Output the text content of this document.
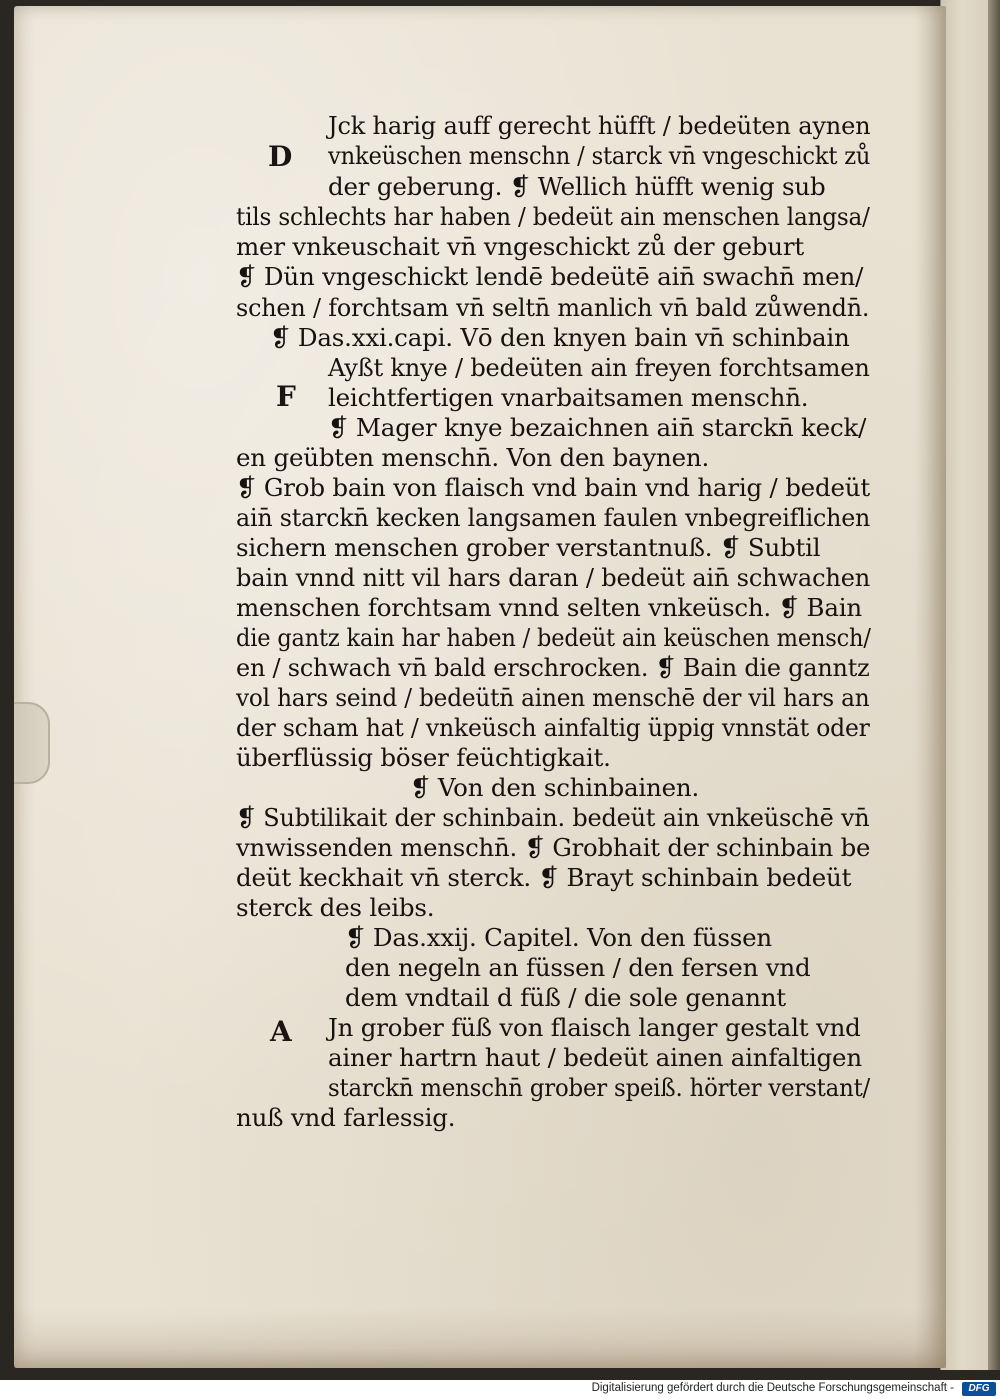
D
F
A
Jck harig auff gerecht hüfft / bedeüten aynen
vnkeüschen menschn / starck vn̄ vngeschickt zů
der geberung. ❡ Wellich hüfft wenig sub
tils schlechts har haben / bedeüt ain menschen langsa/
mer vnkeuschait vn̄ vngeschickt zů der geburt
❡ Dün vngeschickt lendē bedeütē ain̄ swachn̄ men/
schen / forchtsam vn̄ seltn̄ manlich vn̄ bald zůwendn̄.
❡ Das.xxi.capi. Vō den knyen bain vn̄ schinbain
Ayßt knye / bedeüten ain freyen forchtsamen
leichtfertigen vnarbaitsamen menschn̄.
❡ Mager knye bezaichnen ain̄ starckn̄ keck/
en geübten menschn̄. Von den baynen.
❡ Grob bain von flaisch vnd bain vnd harig / bedeüt
ain̄ starckn̄ kecken langsamen faulen vnbegreiflichen
sichern menschen grober verstantnuß. ❡ Subtil
bain vnnd nitt vil hars daran / bedeüt ain̄ schwachen
menschen forchtsam vnnd selten vnkeüsch. ❡ Bain
die gantz kain har haben / bedeüt ain keüschen mensch/
en / schwach vn̄ bald erschrocken. ❡ Bain die ganntz
vol hars seind / bedeütn̄ ainen menschē der vil hars an
der scham hat / vnkeüsch ainfaltig üppig vnnstät oder
überflüssig böser feüchtigkait.
❡ Von den schinbainen.
❡ Subtilikait der schinbain. bedeüt ain vnkeüschē vn̄
vnwissenden menschn̄. ❡ Grobhait der schinbain be
deüt keckhait vn̄ sterck. ❡ Brayt schinbain bedeüt
sterck des leibs.
❡ Das.xxij. Capitel. Von den füssen
den negeln an füssen / den fersen vnd
dem vndtail d füß / die sole genannt
Jn grober füß von flaisch langer gestalt vnd
ainer hartrn haut / bedeüt ainen ainfaltigen
starckn̄ menschn̄ grober speiß. hörter verstant/
nuß vnd farlessig.
Digitalisierung gefördert durch die Deutsche Forschungsgemeinschaft -	DFG
